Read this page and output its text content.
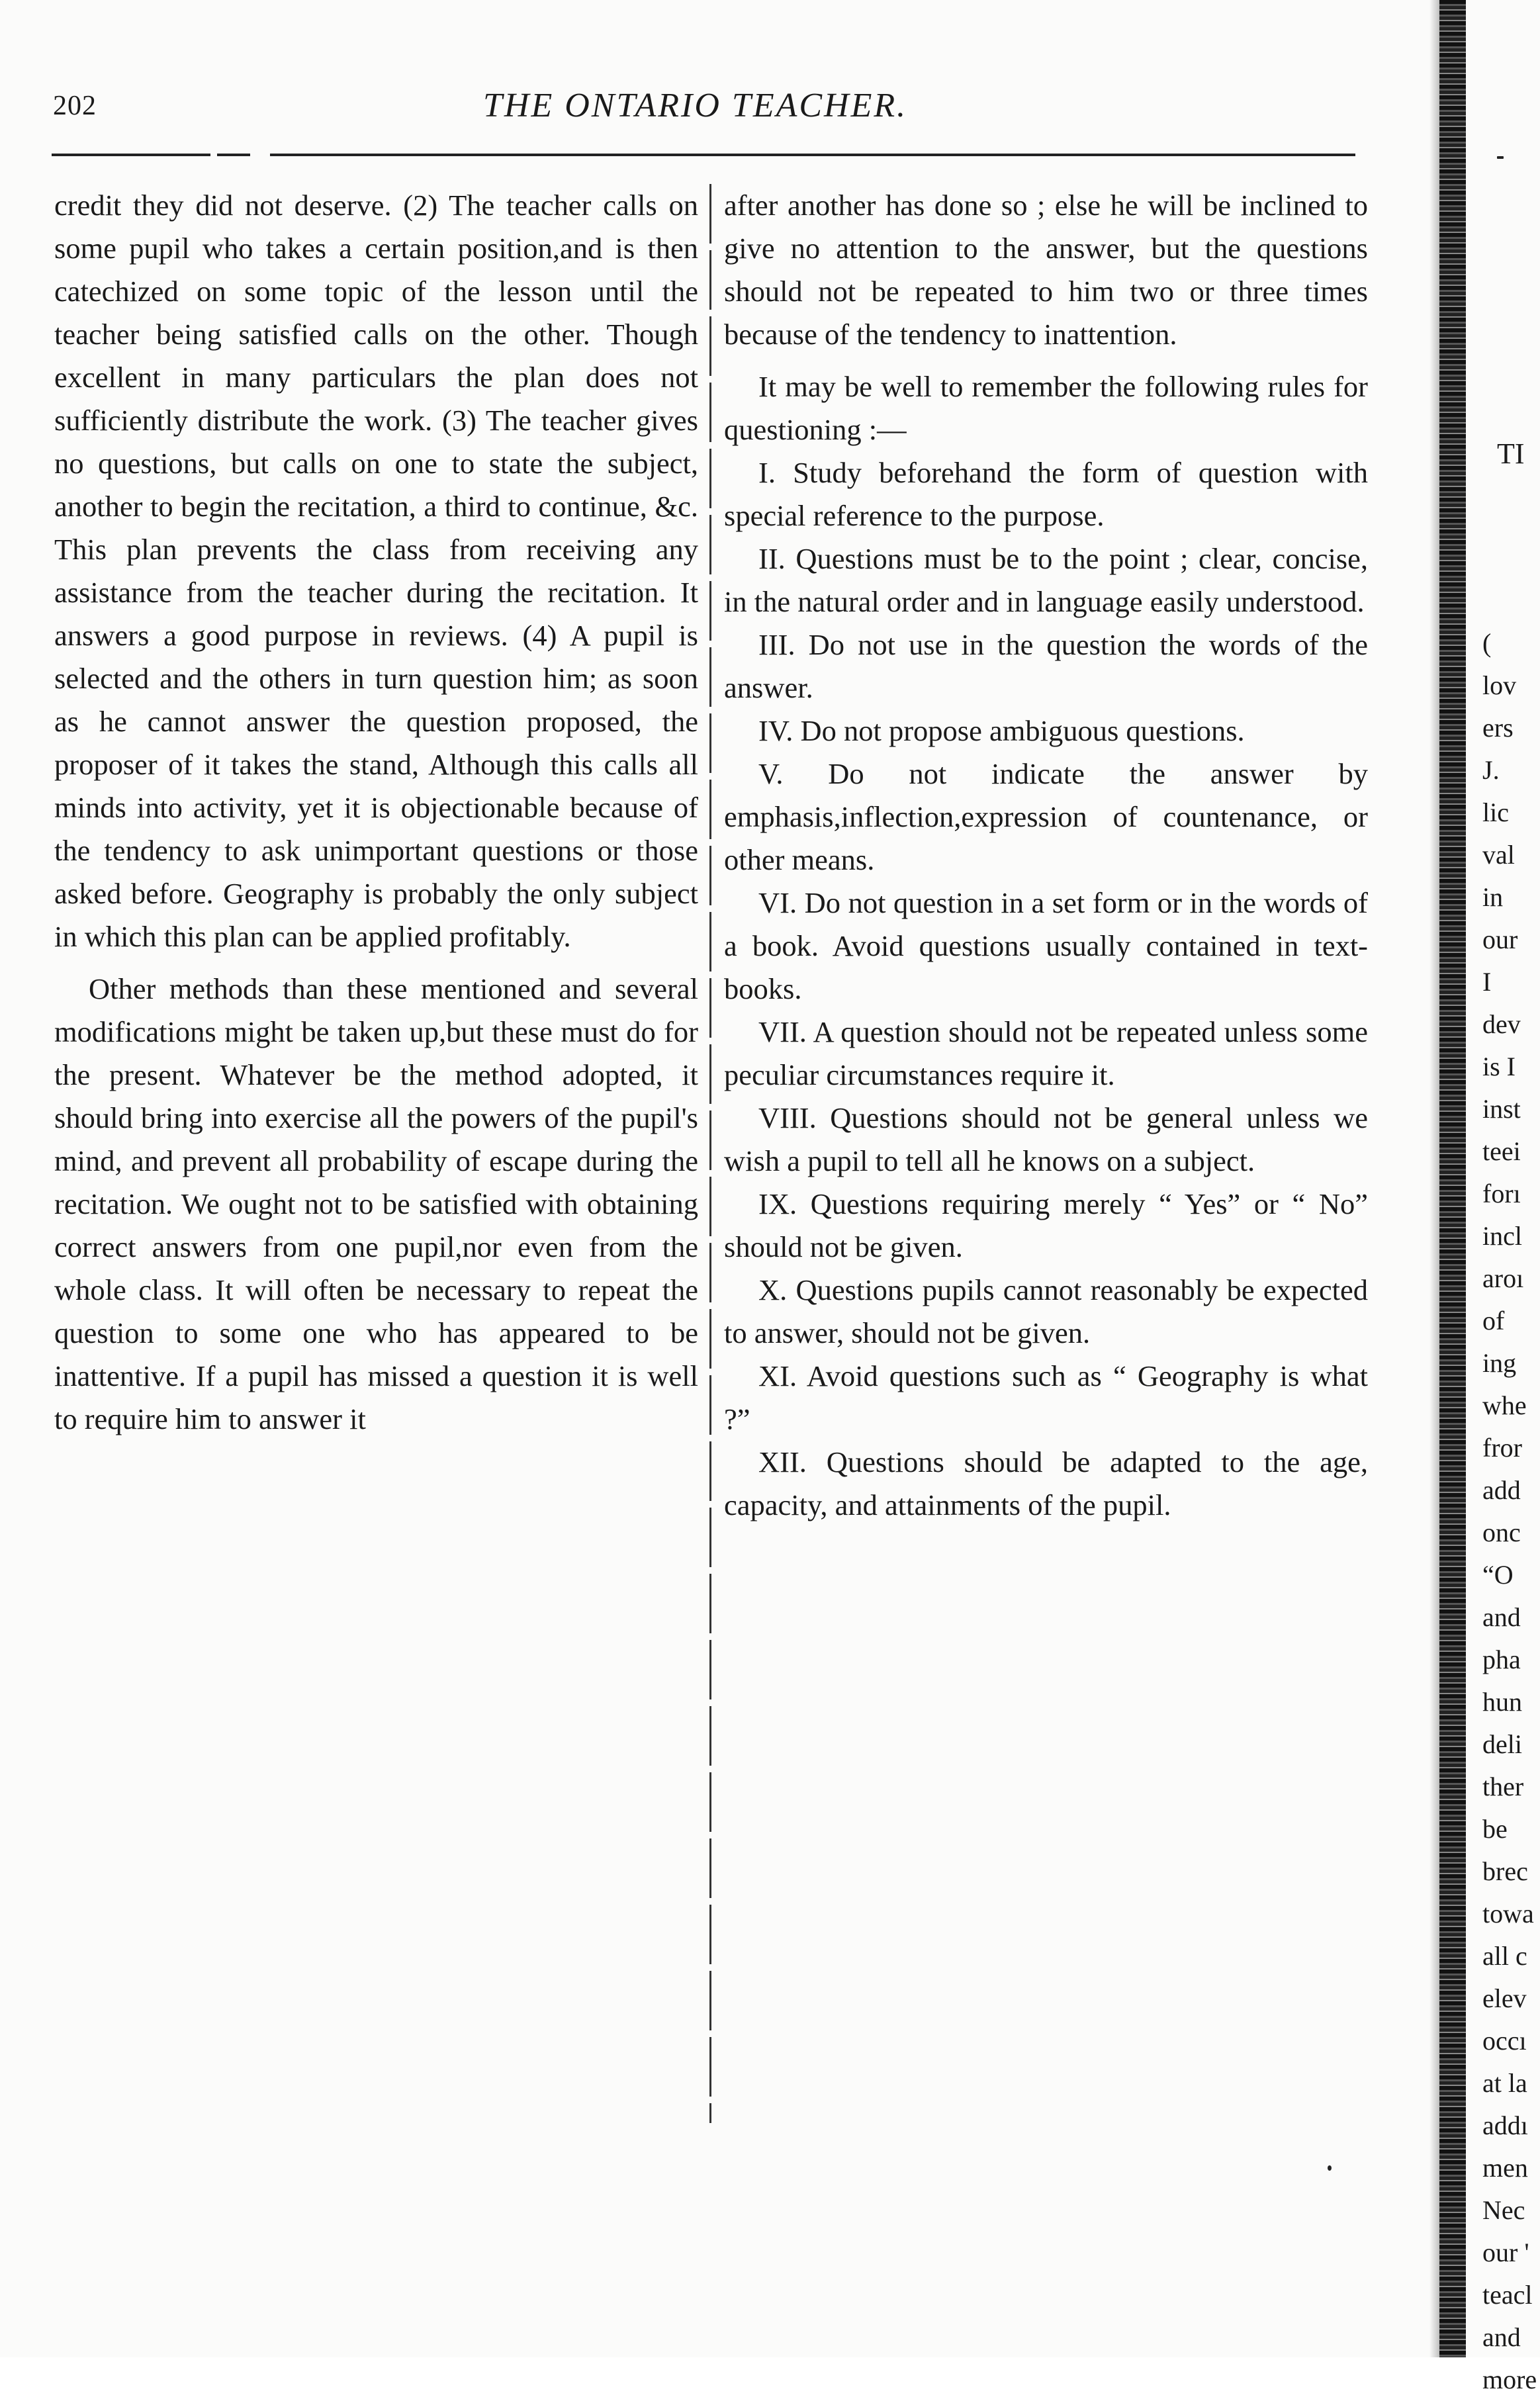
202	THE ONTARIO TEACHER.

credit they did not deserve. (2) The teacher calls on some pupil who takes a certain position,and is then catechized on some topic of the lesson until the teacher being satisfied calls on the other. Though excellent in many particulars the plan does not sufficiently distribute the work. (3) The teacher gives no questions, but calls on one to state the subject, another to begin the recitation, a third to continue, &c. This plan prevents the class from receiving any assistance from the teacher during the recitation. It answers a good purpose in reviews. (4) A pupil is selected and the others in turn question him; as soon as he cannot answer the question proposed, the proposer of it takes the stand, Although this calls all minds into activity, yet it is objectionable because of the tendency to ask unimportant questions or those asked before. Geography is probably the only subject in which this plan can be applied profitably.

Other methods than these mentioned and several modifications might be taken up,but these must do for the present. Whatever be the method adopted, it should bring into exercise all the powers of the pupil's mind, and prevent all probability of escape during the recitation. We ought not to be satisfied with obtaining correct answers from one pupil,nor even from the whole class. It will often be necessary to repeat the question to some one who has appeared to be inattentive. If a pupil has missed a question it is well to require him to answer it

after another has done so ; else he will be inclined to give no attention to the answer, but the questions should not be repeated to him two or three times because of the tendency to inattention.

It may be well to remember the following rules for questioning :—

I. Study beforehand the form of question with special reference to the purpose.

II. Questions must be to the point ; clear, concise, in the natural order and in language easily understood.

III. Do not use in the question the words of the answer.

IV. Do not propose ambiguous questions.

V. Do not indicate the answer by emphasis,inflection,expression of countenance, or other means.

VI. Do not question in a set form or in the words of a book. Avoid questions usually contained in text-books.

VII. A question should not be repeated unless some peculiar circumstances require it.

VIII. Questions should not be general unless we wish a pupil to tell all he knows on a subject.

IX. Questions requiring merely “ Yes” or “ No” should not be given.

X. Questions pupils cannot reasonably be expected to answer, should not be given.

XI. Avoid questions such as “ Geography is what ?”

XII. Questions should be adapted to the age, capacity, and attainments of the pupil.

(
lov
ers
J.
lic
val
in
our
I
dev
is I
inst
teei
forı
incl
aroı
of
ing
whe
fror
add
onc
“O
and
pha
hun
deli
ther
be
brec
towa
all c
elev
occı
at la
addı
men
Nec
our '
teacl
and
more
TI
